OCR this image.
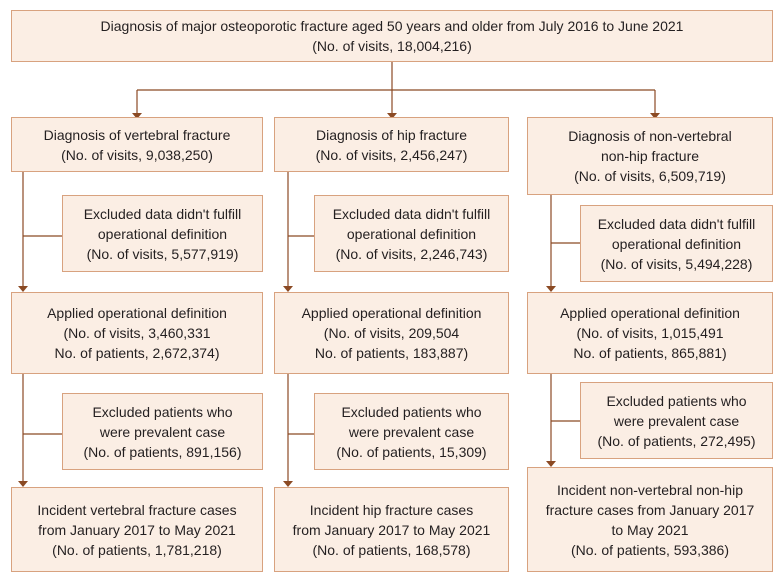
Diagnosis of major osteoporotic fracture aged 50 years and older from July 2016 to June 2021
(No. of visits, 18,004,216)
Diagnosis of vertebral fracture
(No. of visits, 9,038,250)
Excluded data didn't fulfill
operational definition
(No. of visits, 5,577,919)
Applied operational definition
(No. of visits, 3,460,331
No. of patients, 2,672,374)
Excluded patients who
were prevalent case
(No. of patients, 891,156)
Incident vertebral fracture cases
from January 2017 to May 2021
(No. of patients, 1,781,218)
Diagnosis of hip fracture
(No. of visits, 2,456,247)
Excluded data didn't fulfill
operational definition
(No. of visits, 2,246,743)
Applied operational definition
(No. of visits, 209,504
No. of patients, 183,887)
Excluded patients who
were prevalent case
(No. of patients, 15,309)
Incident hip fracture cases
from January 2017 to May 2021
(No. of patients, 168,578)
Diagnosis of non-vertebral
non-hip fracture
(No. of visits, 6,509,719)
Excluded data didn't fulfill
operational definition
(No. of visits, 5,494,228)
Applied operational definition
(No. of visits, 1,015,491
No. of patients, 865,881)
Excluded patients who
were prevalent case
(No. of patients, 272,495)
Incident non-vertebral non-hip
fracture cases from January 2017
to May 2021
(No. of patients, 593,386)
